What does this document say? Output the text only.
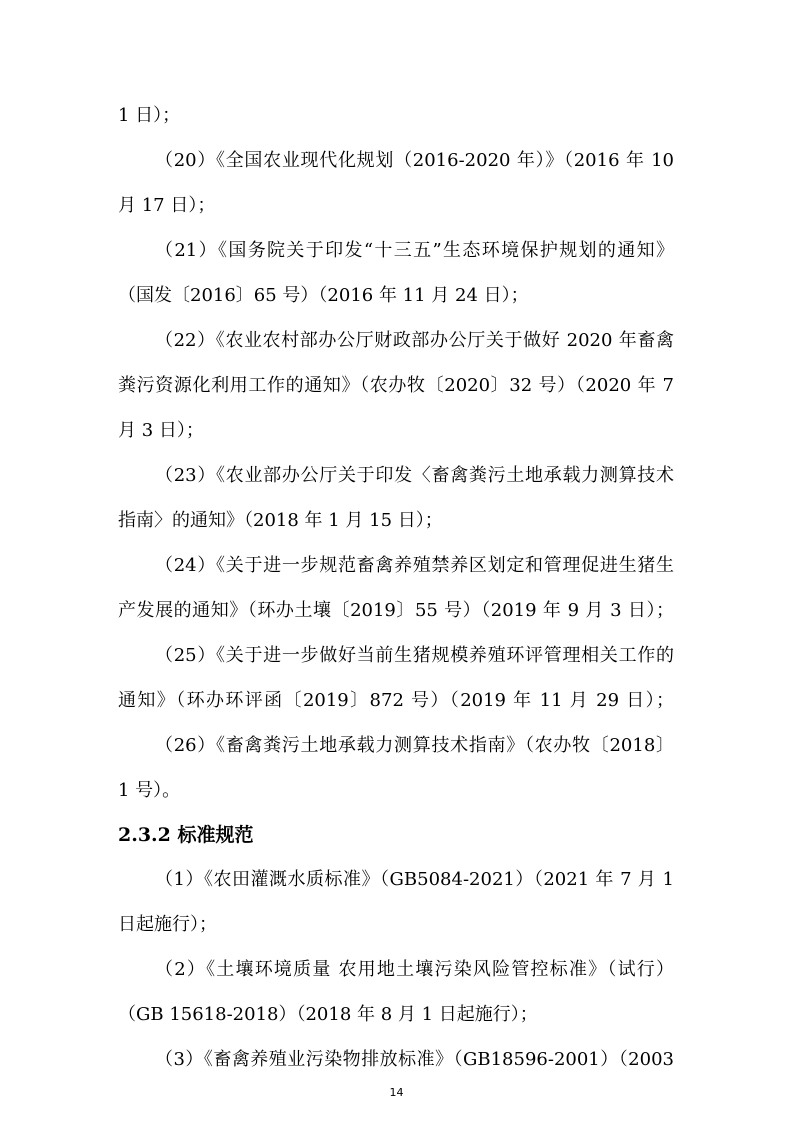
1 日）；
（20）《全国农业现代化规划（2016-2020 年）》（2016 年 10
月 17 日）；
（21）《国务院关于印发“十三五”生态环境保护规划的通知》
（国发〔2016〕65 号）（2016 年 11 月 24 日）；
（22）《农业农村部办公厅财政部办公厅关于做好 2020 年畜禽
粪污资源化利用工作的通知》（农办牧〔2020〕32 号）（2020 年 7
月 3 日）；
（23）《农业部办公厅关于印发〈畜禽粪污土地承载力测算技术
指南〉的通知》（2018 年 1 月 15 日）；
（24）《关于进一步规范畜禽养殖禁养区划定和管理促进生猪生
产发展的通知》（环办土壤〔2019〕55 号）（2019 年 9 月 3 日）；
（25）《关于进一步做好当前生猪规模养殖环评管理相关工作的
通知》（环办环评函〔2019〕872 号）（2019 年 11 月 29 日）；
（26）《畜禽粪污土地承载力测算技术指南》（农办牧〔2018〕
1 号）。
2.3.2 标准规范
（1）《农田灌溉水质标准》（GB5084-2021）（2021 年 7 月 1
日起施行）；
（2）《土壤环境质量 农用地土壤污染风险管控标准》（试行）
（GB 15618-2018）（2018 年 8 月 1 日起施行）；
（3）《畜禽养殖业污染物排放标准》（GB18596-2001）（2003
14
